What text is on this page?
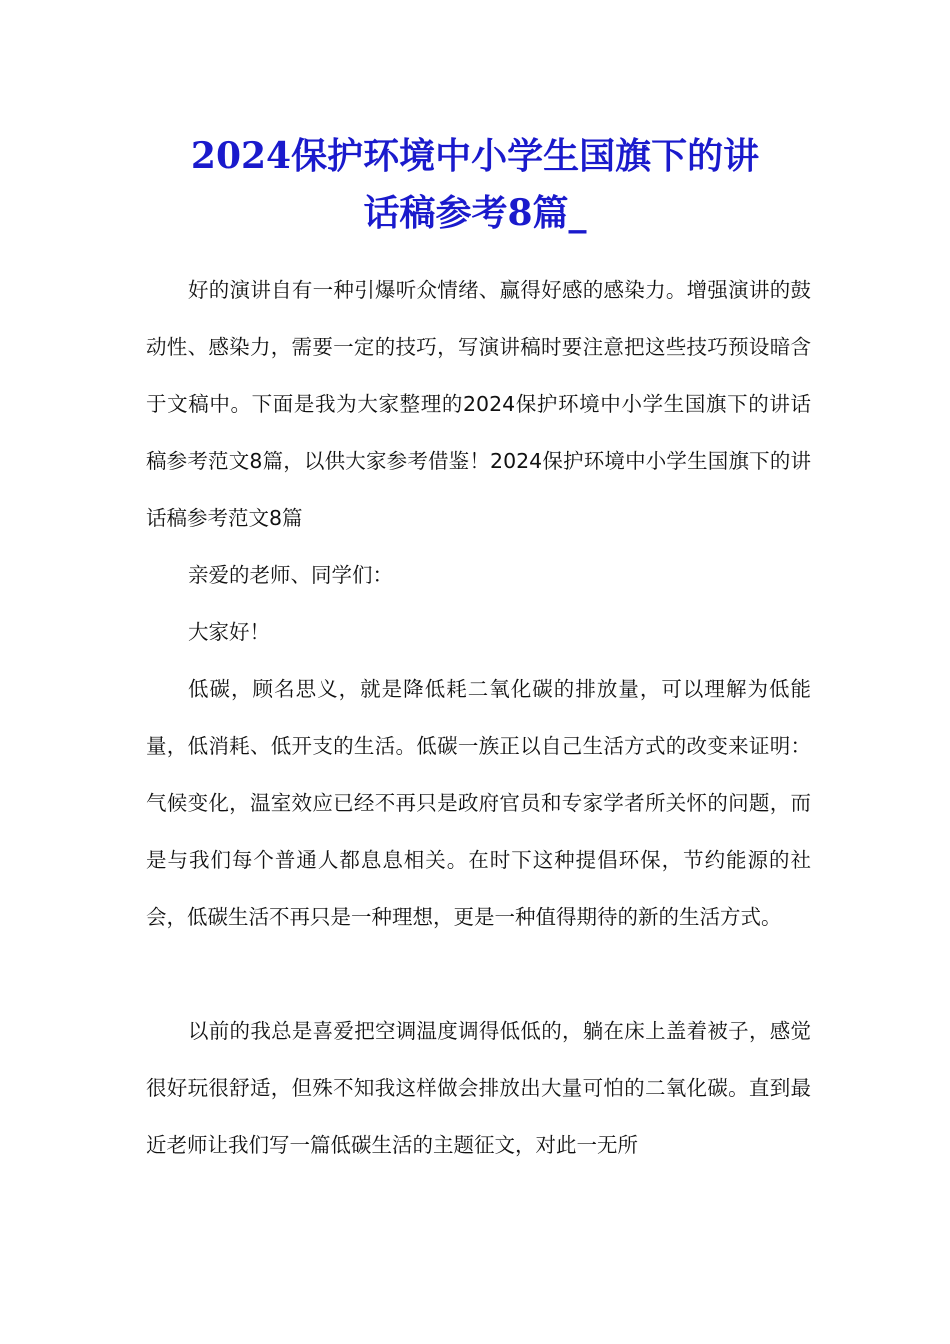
2024保护环境中小学生国旗下的讲
话稿参考8篇_

好的演讲自有一种引爆听众情绪、赢得好感的感染力。增强演讲的鼓动性、感染力，需要一定的技巧，写演讲稿时要注意把这些技巧预设暗含于文稿中。下面是我为大家整理的2024保护环境中小学生国旗下的讲话稿参考范文8篇，以供大家参考借鉴！2024保护环境中小学生国旗下的讲话稿参考范文8篇

亲爱的老师、同学们：

大家好！

低碳，顾名思义，就是降低耗二氧化碳的排放量，可以理解为低能量，低消耗、低开支的生活。低碳一族正以自己生活方式的改变来证明：气候变化，温室效应已经不再只是政府官员和专家学者所关怀的问题，而是与我们每个普通人都息息相关。在时下这种提倡环保，节约能源的社会，低碳生活不再只是一种理想，更是一种值得期待的新的生活方式。

以前的我总是喜爱把空调温度调得低低的，躺在床上盖着被子，感觉很好玩很舒适，但殊不知我这样做会排放出大量可怕的二氧化碳。直到最近老师让我们写一篇低碳生活的主题征文，对此一无所
